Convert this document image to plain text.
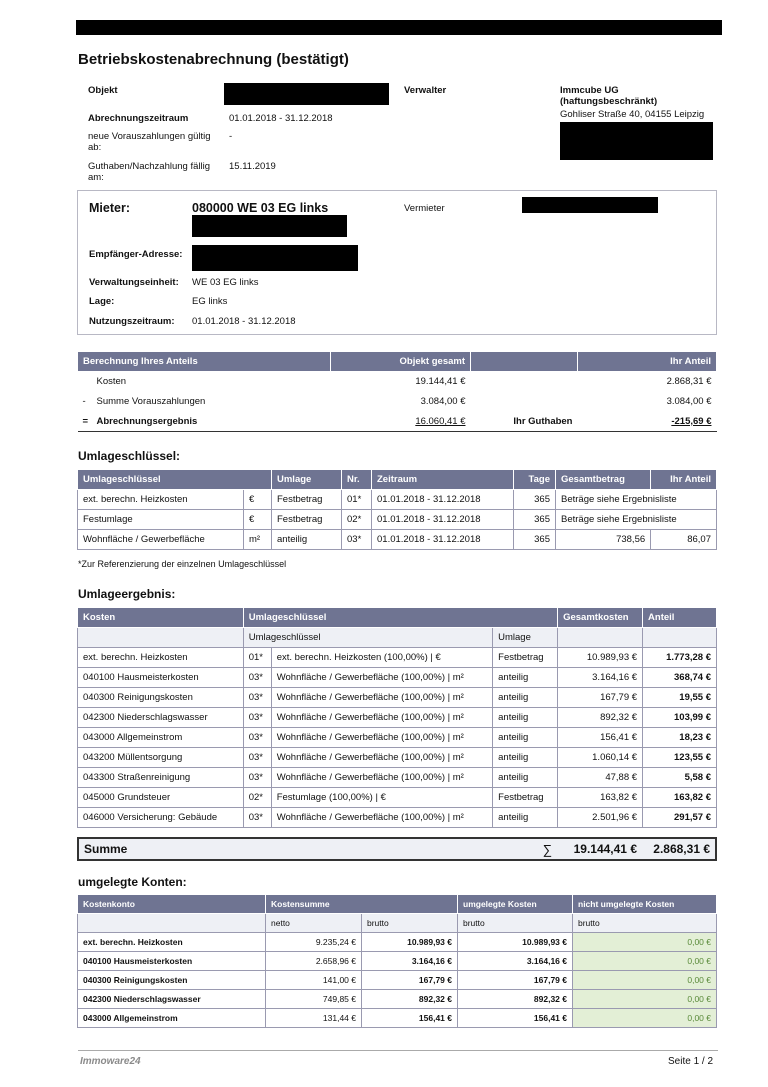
Betriebskostenabrechnung (bestätigt)
Objekt	Verwalter	Immcube UG (haftungsbeschränkt)
Gohliser Straße 40, 04155 Leipzig
Abrechnungszeitraum	01.01.2018 - 31.12.2018
neue Vorauszahlungen gültig ab:
-
Guthaben/Nachzahlung fällig am:
15.11.2019
Mieter:	080000 WE 03 EG links	Vermieter
Empfänger-Adresse:
Verwaltungseinheit: WE 03 EG links
Lage:	EG links
Nutzungszeitraum: 01.01.2018 - 31.12.2018
Berechnung Ihres Anteils	Objekt gesamt		Ihr Anteil
Kosten	19.144,41 €		2.868,31 €
- Summe Vorauszahlungen	3.084,00 €		3.084,00 €
= Abrechnungsergebnis	16.060,41 €	Ihr Guthaben	-215,69 €
Umlageschlüssel:
Umlageschlüssel		Umlage	Nr.	Zeitraum	Tage	Gesamtbetrag	Ihr Anteil
ext. berechn. Heizkosten	€	Festbetrag	01*	01.01.2018 - 31.12.2018	365	Beträge siehe Ergebnisliste	
Festumlage	€	Festbetrag	02*	01.01.2018 - 31.12.2018	365	Beträge siehe Ergebnisliste	
Wohnfläche / Gewerbefläche	m²	anteilig	03*	01.01.2018 - 31.12.2018	365	738,56	86,07
*Zur Referenzierung der einzelnen Umlageschlüssel
Umlageergebnis:
Kosten	Umlageschlüssel			Gesamtkosten	Anteil
	Umlageschlüssel		Umlage		
ext. berechn. Heizkosten	01*	ext. berechn. Heizkosten (100,00%) | €	Festbetrag	10.989,93 €	1.773,28 €
040100 Hausmeisterkosten	03*	Wohnfläche / Gewerbefläche (100,00%) | m²	anteilig	3.164,16 €	368,74 €
040300 Reinigungskosten	03*	Wohnfläche / Gewerbefläche (100,00%) | m²	anteilig	167,79 €	19,55 €
042300 Niederschlagswasser	03*	Wohnfläche / Gewerbefläche (100,00%) | m²	anteilig	892,32 €	103,99 €
043000 Allgemeinstrom	03*	Wohnfläche / Gewerbefläche (100,00%) | m²	anteilig	156,41 €	18,23 €
043200 Müllentsorgung	03*	Wohnfläche / Gewerbefläche (100,00%) | m²	anteilig	1.060,14 €	123,55 €
043300 Straßenreinigung	03*	Wohnfläche / Gewerbefläche (100,00%) | m²	anteilig	47,88 €	5,58 €
045000 Grundsteuer	02*	Festumlage (100,00%) | €	Festbetrag	163,82 €	163,82 €
046000 Versicherung: Gebäude	03*	Wohnfläche / Gewerbefläche (100,00%) | m²	anteilig	2.501,96 €	291,57 €
Summe	∑	19.144,41 €	2.868,31 €
umgelegte Konten:
Kostenkonto	Kostensumme		umgelegte Kosten	nicht umgelegte Kosten
	netto	brutto	brutto	brutto
ext. berechn. Heizkosten	9.235,24 €	10.989,93 €	10.989,93 €	0,00 €
040100 Hausmeisterkosten	2.658,96 €	3.164,16 €	3.164,16 €	0,00 €
040300 Reinigungskosten	141,00 €	167,79 €	167,79 €	0,00 €
042300 Niederschlagswasser	749,85 €	892,32 €	892,32 €	0,00 €
043000 Allgemeinstrom	131,44 €	156,41 €	156,41 €	0,00 €
Immoware24	Seite 1 / 2
